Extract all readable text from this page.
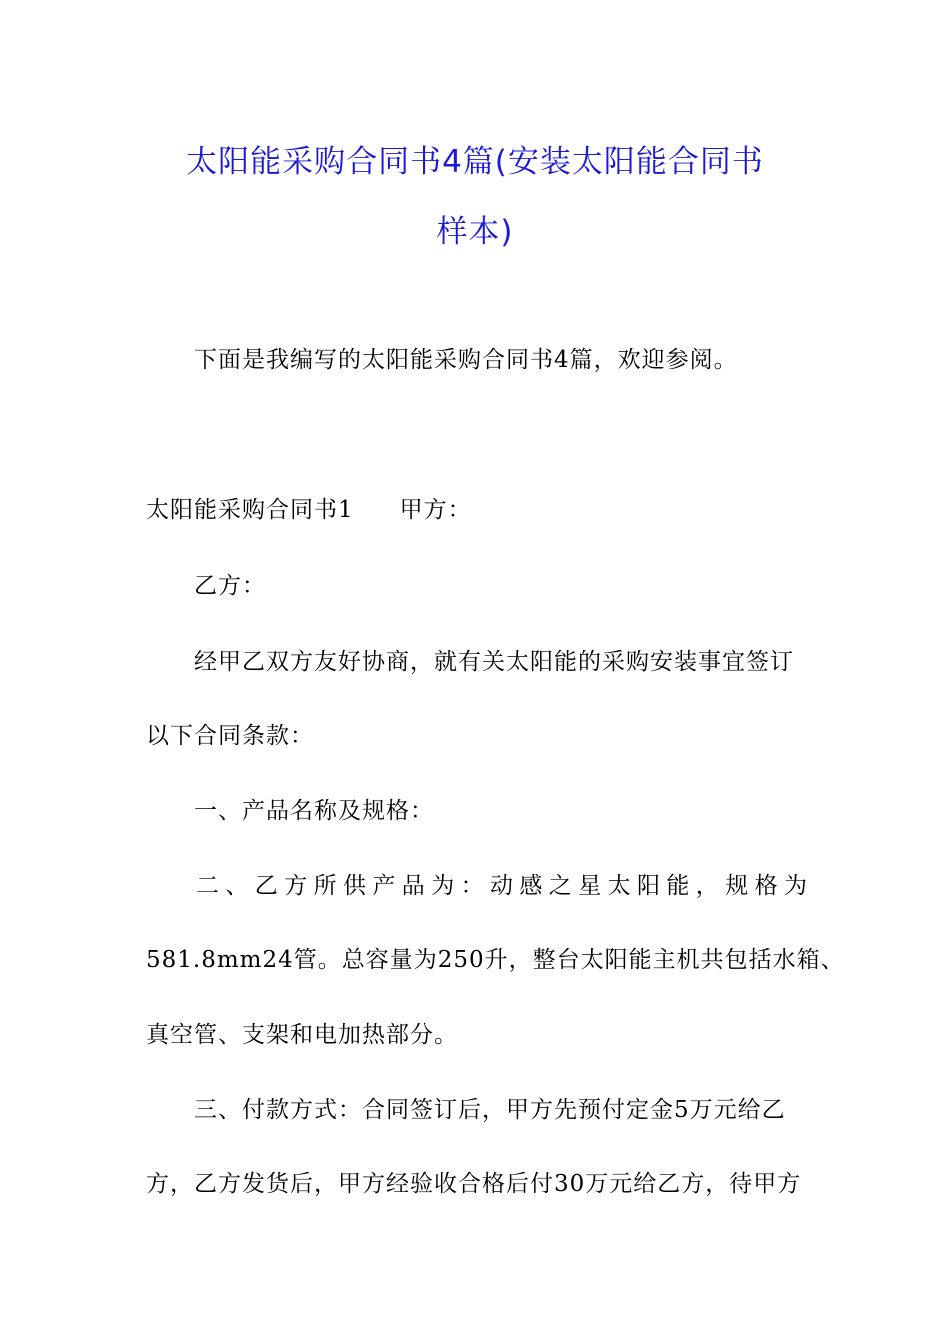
太阳能采购合同书4篇(安装太阳能合同书
样本)
下面是我编写的太阳能采购合同书4篇，欢迎参阅。
太阳能采购合同书1 甲方：
乙方：
经甲乙双方友好协商，就有关太阳能的采购安装事宜签订
以下合同条款：
一、产品名称及规格：
二、乙方所供产品为：动感之星太阳能，规格为
581.8mm24管。总容量为250升，整台太阳能主机共包括水箱、
真空管、支架和电加热部分。
三、付款方式：合同签订后，甲方先预付定金5万元给乙
方，乙方发货后，甲方经验收合格后付30万元给乙方，待甲方
